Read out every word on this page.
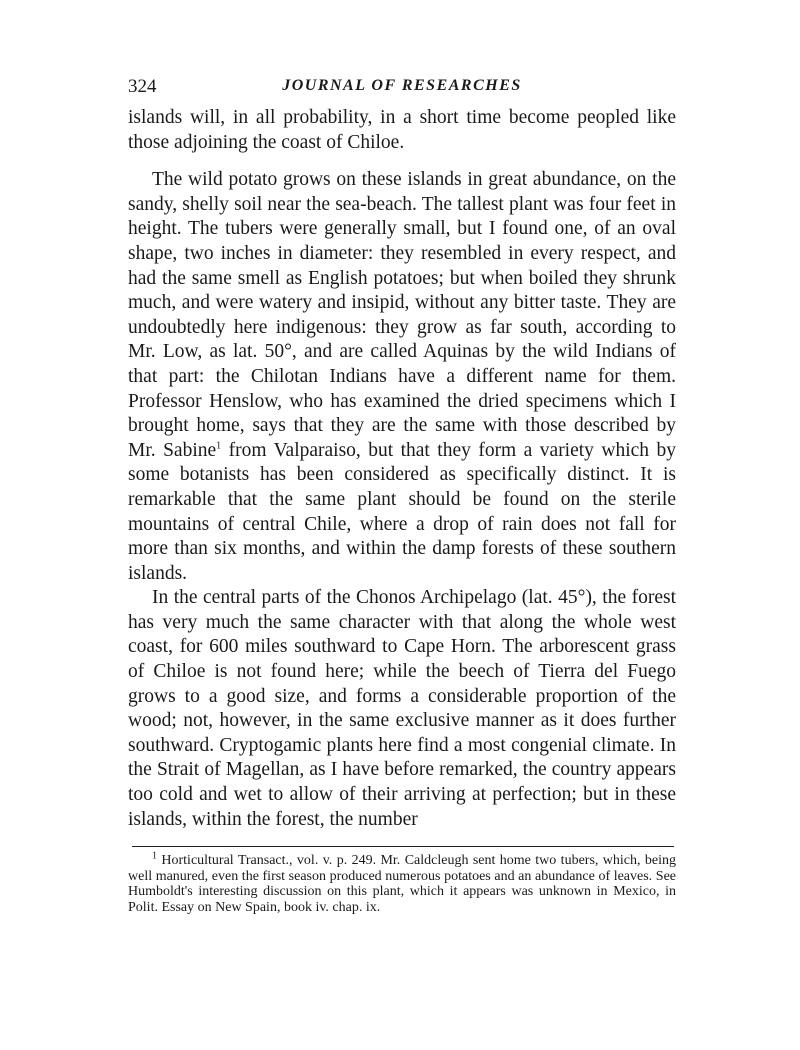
324	JOURNAL OF RESEARCHES

islands will, in all probability, in a short time become peopled like those adjoining the coast of Chiloe.

The wild potato grows on these islands in great abundance, on the sandy, shelly soil near the sea-beach. The tallest plant was four feet in height. The tubers were generally small, but I found one, of an oval shape, two inches in diameter: they resembled in every respect, and had the same smell as English potatoes; but when boiled they shrunk much, and were watery and insipid, without any bitter taste. They are undoubtedly here indigenous: they grow as far south, according to Mr. Low, as lat. 50°, and are called Aquinas by the wild Indians of that part: the Chilotan Indians have a different name for them. Professor Henslow, who has examined the dried specimens which I brought home, says that they are the same with those described by Mr. Sabine$^1$ from Valparaiso, but that they form a variety which by some botanists has been considered as specifically distinct. It is remarkable that the same plant should be found on the sterile mountains of central Chile, where a drop of rain does not fall for more than six months, and within the damp forests of these southern islands.

In the central parts of the Chonos Archipelago (lat. 45°), the forest has very much the same character with that along the whole west coast, for 600 miles southward to Cape Horn. The arborescent grass of Chiloe is not found here; while the beech of Tierra del Fuego grows to a good size, and forms a considerable proportion of the wood; not, however, in the same exclusive manner as it does further southward. Cryptogamic plants here find a most congenial climate. In the Strait of Magellan, as I have before remarked, the country appears too cold and wet to allow of their arriving at perfection; but in these islands, within the forest, the number

$^1$ Horticultural Transact., vol. v. p. 249. Mr. Caldcleugh sent home two tubers, which, being well manured, even the first season produced numerous potatoes and an abundance of leaves. See Humboldt's interesting discussion on this plant, which it appears was unknown in Mexico, in Polit. Essay on New Spain, book iv. chap. ix.
